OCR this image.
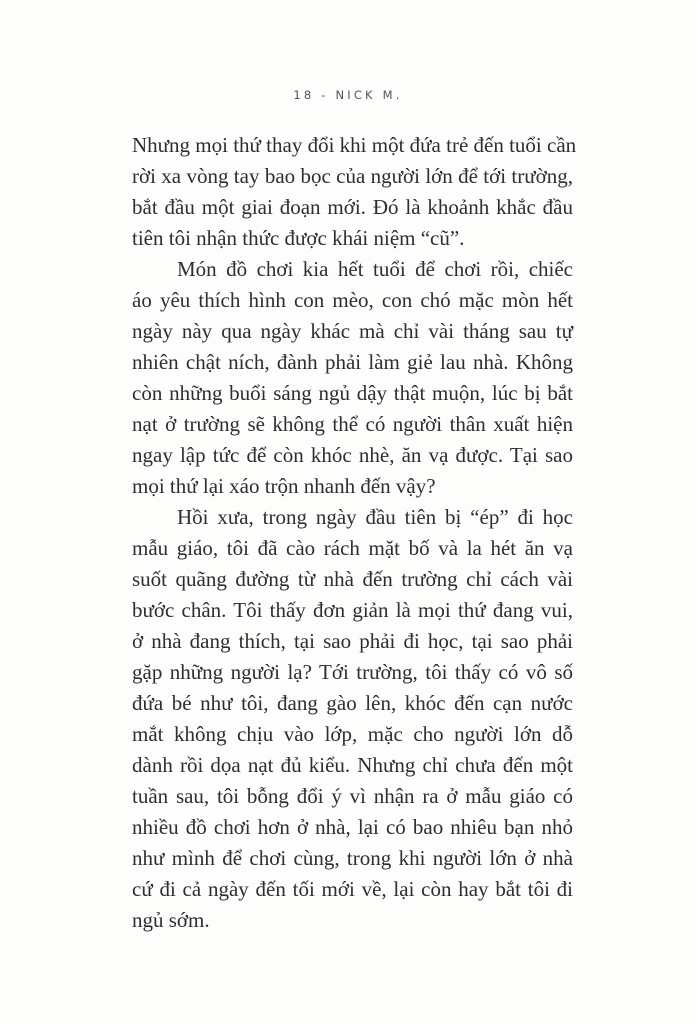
18 - NICK M.
Nhưng mọi thứ thay đổi khi một đứa trẻ đến tuổi cần
rời xa vòng tay bao bọc của người lớn để tới trường,
bắt đầu một giai đoạn mới. Đó là khoảnh khắc đầu
tiên tôi nhận thức được khái niệm “cũ”.
Món đồ chơi kia hết tuổi để chơi rồi, chiếc
áo yêu thích hình con mèo, con chó mặc mòn hết
ngày này qua ngày khác mà chỉ vài tháng sau tự
nhiên chật ních, đành phải làm giẻ lau nhà. Không
còn những buổi sáng ngủ dậy thật muộn, lúc bị bắt
nạt ở trường sẽ không thể có người thân xuất hiện
ngay lập tức để còn khóc nhè, ăn vạ được. Tại sao
mọi thứ lại xáo trộn nhanh đến vậy?
Hồi xưa, trong ngày đầu tiên bị “ép” đi học
mẫu giáo, tôi đã cào rách mặt bố và la hét ăn vạ
suốt quãng đường từ nhà đến trường chỉ cách vài
bước chân. Tôi thấy đơn giản là mọi thứ đang vui,
ở nhà đang thích, tại sao phải đi học, tại sao phải
gặp những người lạ? Tới trường, tôi thấy có vô số
đứa bé như tôi, đang gào lên, khóc đến cạn nước
mắt không chịu vào lớp, mặc cho người lớn dỗ
dành rồi dọa nạt đủ kiểu. Nhưng chỉ chưa đến một
tuần sau, tôi bỗng đổi ý vì nhận ra ở mẫu giáo có
nhiều đồ chơi hơn ở nhà, lại có bao nhiêu bạn nhỏ
như mình để chơi cùng, trong khi người lớn ở nhà
cứ đi cả ngày đến tối mới về, lại còn hay bắt tôi đi
ngủ sớm.
